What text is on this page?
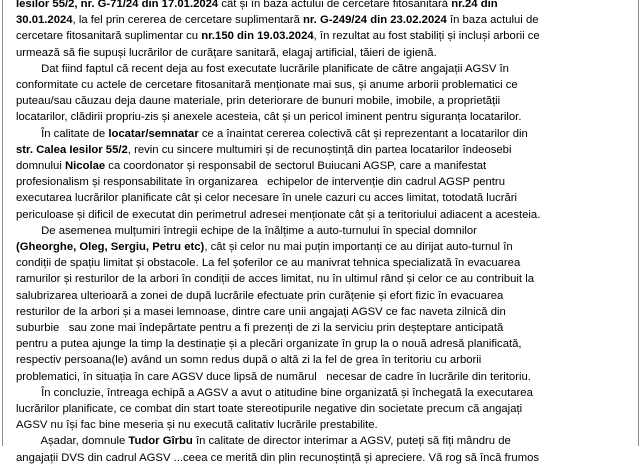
Iesilor 55/2, nr. G-71/24 din 17.01.2024 cât și în baza actului de cercetare fitosanitară nr.24 din
30.01.2024, la fel prin cererea de cercetare suplimentară nr. G-249/24 din 23.02.2024 în baza actului de
cercetare fitosanitară suplimentar cu nr.150 din 19.03.2024, în rezultat au fost stabiliți și incluși arborii ce
urmează să fie supuși lucrărilor de curățare sanitară, elagaj artificial, tăieri de igienă.
Dat fiind faptul că recent deja au fost executate lucrările planificate de către angajații AGSV în
conformitate cu actele de cercetare fitosanitară menționate mai sus, și anume arborii problematici ce
puteau/sau căuzau deja daune materiale, prin deteriorare de bunuri mobile, imobile, a proprietății
locatarilor, clădirii propriu-zis și anexele acesteia, cât și un pericol iminent pentru siguranța locatarilor.
În calitate de locatar/semnatar ce a înaintat cererea colectivă cât și reprezentant a locatarilor din
str. Calea Iesilor 55/2, revin cu sincere multumiri și de recunoștință din partea locatarilor îndeosebi
domnului Nicolae ca coordonator și responsabil de sectorul Buiucani AGSP, care a manifestat
profesionalism și responsabilitate în organizarea   echipelor de intervenție din cadrul AGSP pentru
executarea lucrărilor planificate cât și celor necesare în unele cazuri cu acces limitat, totodată lucrări
periculoase și dificil de executat din perimetrul adresei menționate cât și a teritoriului adiacent a acesteia.
De asemenea mulțumiri întregii echipe de la înălțime a auto-turnului în special domnilor
(Gheorghe, Oleg, Sergiu, Petru etc), cât și celor nu mai puțin importanți ce au dirijat auto-turnul în
condiții de spațiu limitat și obstacole. La fel șoferilor ce au manivrat tehnica specializată în evacuarea
ramurilor și resturilor de la arbori în condiții de acces limitat, nu în ultimul rând și celor ce au contribuit la
salubrizarea ulterioară a zonei de după lucrările efectuate prin curățenie și efort fizic în evacuarea
resturilor de la arbori și a masei lemnoase, dintre care unii angajați AGSV ce fac naveta zilnică din
suburbie   sau zone mai îndepărtate pentru a fi prezenți de zi la serviciu prin deșteptare anticipată
pentru a putea ajunge la timp la destinație și a plecări organizate în grup la o nouă adresă planificată,
respectiv persoana(le) având un somn redus după o altă zi la fel de grea în teritoriu cu arborii
problematici, în situația în care AGSV duce lipsă de numărul   necesar de cadre în lucrările din teritoriu.
În concluzie, întreaga echipă a AGSV a avut o atitudine bine organizată și închegată la executarea
lucrărilor planificate, ce combat din start toate stereotipurile negative din societate precum că angajați
AGSV nu își fac bine meseria și nu execută calitativ lucrările prestabilite.
Așadar, domnule Tudor Gîrbu în calitate de director interimar a AGSV, puteți să fiți mândru de
angajații DVS din cadrul AGSV ...ceea ce merită din plin recunoștință și apreciere. Vă rog să încă frumos
